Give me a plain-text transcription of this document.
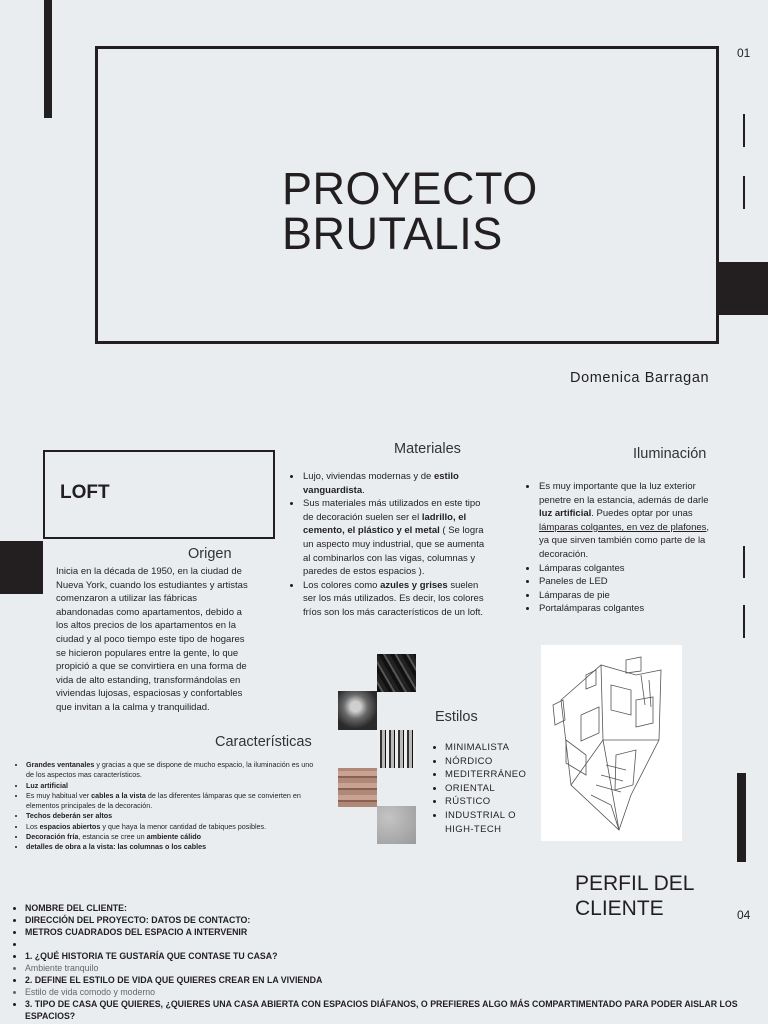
01
04
PROYECTO
BRUTALIS
Domenica Barragan
LOFT
Origen
Inicia en la década de 1950, en la ciudad de Nueva York, cuando los estudiantes y artistas comenzaron a utilizar las fábricas abandonadas como apartamentos, debido a los altos precios de los apartamentos en la ciudad y al poco tiempo este tipo de hogares se hicieron populares entre la gente, lo que propició a que se convirtiera en una forma de vida de alto estanding, transformándolas en viviendas lujosas, espaciosas y confortables que invitan a la calma y tranquilidad.
Materiales
• Lujo, viviendas modernas y de estilo vanguardista.
• Sus materiales más utilizados en este tipo de decoración suelen ser el ladrillo, el cemento, el plástico y el metal ( Se logra un aspecto muy industrial, que se aumenta al combinarlos con las vigas, columnas y paredes de estos espacios ).
• Los colores como azules y grises suelen ser los más utilizados. Es decir, los colores fríos son los más característicos de un loft.
Iluminación
• Es muy importante que la luz exterior penetre en la estancia, además de darle luz artificial. Puedes optar por unas lámparas colgantes, en vez de plafones, ya que sirven también como parte de la decoración.
• Lámparas colgantes
• Paneles de LED
• Lámparas de pie
• Portalámparas colgantes
Estilos
• MINIMALISTA
• NÓRDICO
• MEDITERRÁNEO
• ORIENTAL
• RÚSTICO
• INDUSTRIAL O HIGH-TECH
Características
• Grandes ventanales y gracias a que se dispone de mucho espacio, la iluminación es uno de los aspectos mas característicos.
• Luz artificial
• Es muy habitual ver cables a la vista de las diferentes lámparas que se convierten en elementos principales de la decoración.
• Techos deberán ser altos
• Los espacios abiertos y que haya la menor cantidad de tabiques posibles.
• Decoración fría, estancia se cree un ambiente cálido
• detalles de obra a la vista: las columnas o los cables
PERFIL DEL
CLIENTE
• NOMBRE DEL CLIENTE:
• DIRECCIÓN DEL PROYECTO: DATOS DE CONTACTO:
• METROS CUADRADOS DEL ESPACIO A INTERVENIR
•
• 1. ¿QUÉ HISTORIA TE GUSTARÍA QUE CONTASE TU CASA?
• Ambiente tranquilo
• 2. DEFINE EL ESTILO DE VIDA QUE QUIERES CREAR EN LA VIVIENDA
• Estilo de vida comodo y moderno
• 3. TIPO DE CASA QUE QUIERES, ¿QUIERES UNA CASA ABIERTA CON ESPACIOS DIÁFANOS, O PREFIERES ALGO MÁS COMPARTIMENTADO PARA PODER AISLAR LOS ESPACIOS?
